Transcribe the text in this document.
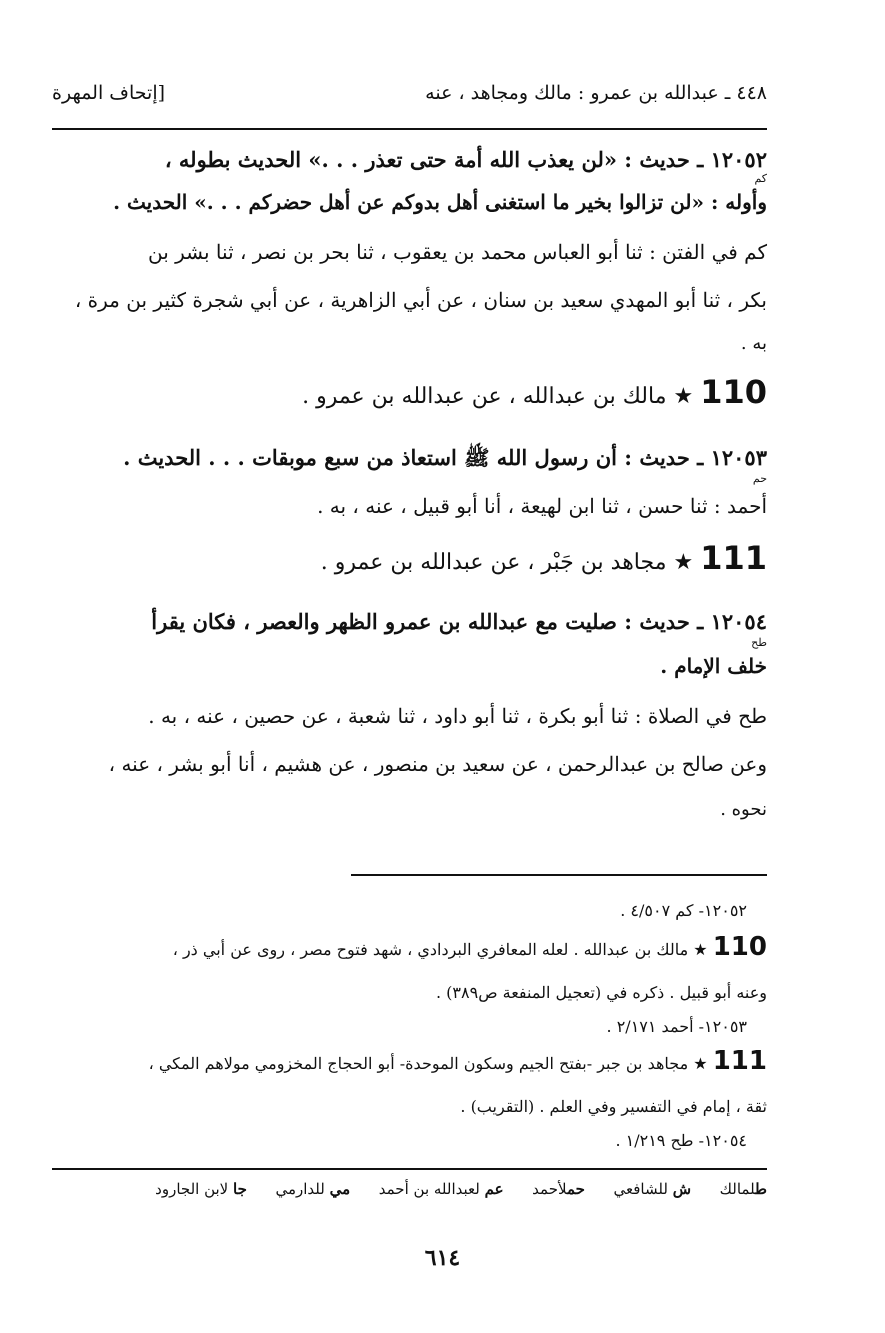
[إتحاف المهرة	٤٤٨ ـ عبدالله بن عمرو : مالك ومجاهد ، عنه
١٢٠٥٢ ـ حديث : «لن يعذب الله أمة حتى تعذر . . .» الحديث بطوله ،
كم
وأوله : «لن تزالوا بخير ما استغنى أهل بدوكم عن أهل حضركم . . .» الحديث .
كم في الفتن : ثنا أبو العباس محمد بن يعقوب ، ثنا بحر بن نصر ، ثنا بشر بن
بكر ، ثنا أبو المهدي سعيد بن سنان ، عن أبي الزاهرية ، عن أبي شجرة كثير بن مرة ،
به .
110 ★ مالك بن عبدالله ، عن عبدالله بن عمرو .
١٢٠٥٣ ـ حديث : أن رسول الله ﷺ استعاذ من سبع موبقات . . . الحديث .
حم
أحمد : ثنا حسن ، ثنا ابن لهيعة ، أنا أبو قبيل ، عنه ، به .
111 ★ مجاهد بن جَبْر ، عن عبدالله بن عمرو .
١٢٠٥٤ ـ حديث : صليت مع عبدالله بن عمرو الظهر والعصر ، فكان يقرأ
طح
خلف الإمام .
طح في الصلاة : ثنا أبو بكرة ، ثنا أبو داود ، ثنا شعبة ، عن حصين ، عنه ، به .
وعن صالح بن عبدالرحمن ، عن سعيد بن منصور ، عن هشيم ، أنا أبو بشر ، عنه ،
نحوه .
١٢٠٥٢- كم ٤/٥٠٧ .
110 ★ مالك بن عبدالله . لعله المعافري البردادي ، شهد فتوح مصر ، روى عن أبي ذر ،
وعنه أبو قبيل . ذكره في (تعجيل المنفعة ص٣٨٩) .
١٢٠٥٣- أحمد ٢/١٧١ .
111 ★ مجاهد بن جبر -بفتح الجيم وسكون الموحدة- أبو الحجاج المخزومي مولاهم المكي ،
ثقة ، إمام في التفسير وفي العلم . (التقريب) .
١٢٠٥٤- طح ١/٢١٩ .
طلمالك      ش للشافعي      حملأحمد      عم لعبدالله بن أحمد      مي للدارمي      جا لابن الجارود
٦١٤
